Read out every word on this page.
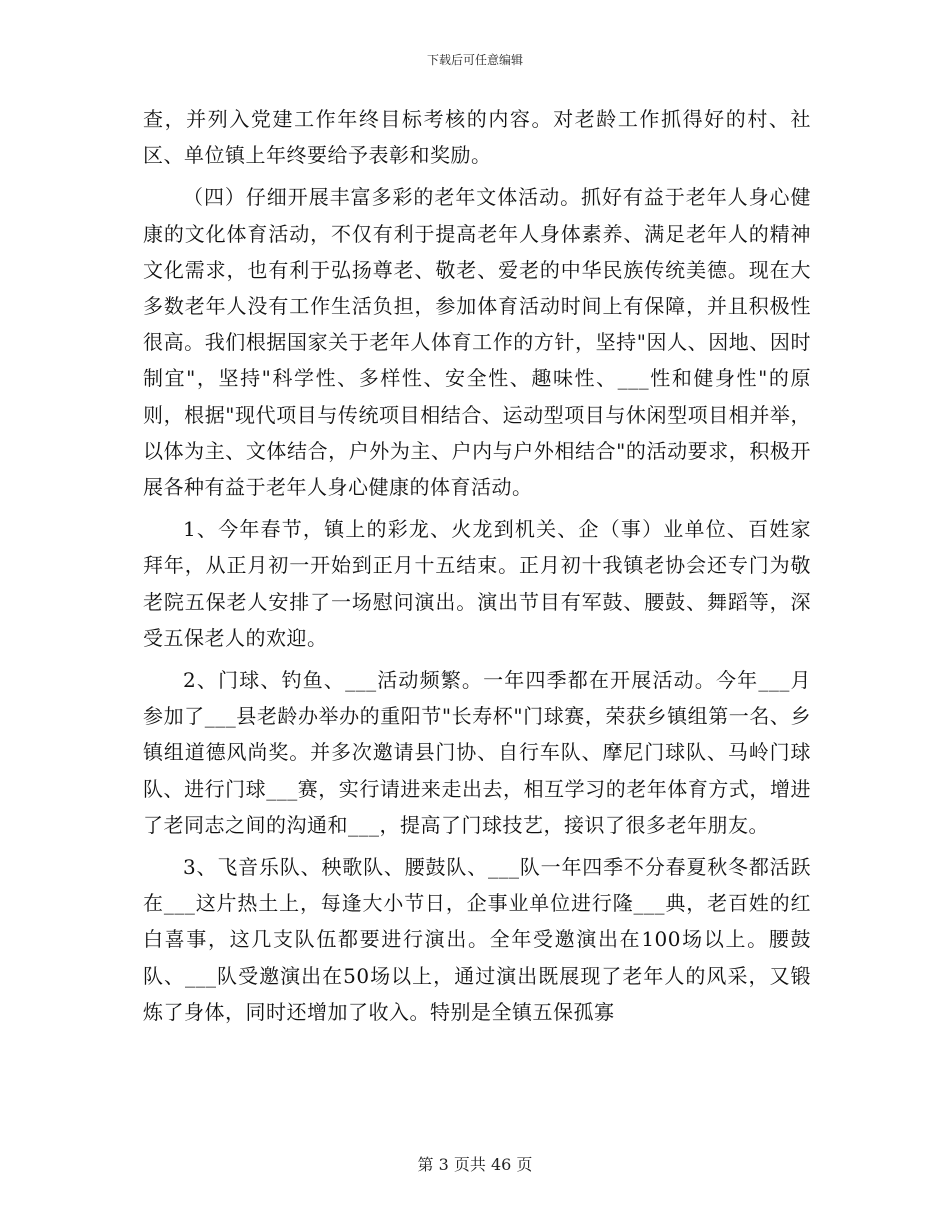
下载后可任意编辑

查，并列入党建工作年终目标考核的内容。对老龄工作抓得好的村、社区、单位镇上年终要给予表彰和奖励。

（四）仔细开展丰富多彩的老年文体活动。抓好有益于老年人身心健康的文化体育活动，不仅有利于提高老年人身体素养、满足老年人的精神文化需求，也有利于弘扬尊老、敬老、爱老的中华民族传统美德。现在大多数老年人没有工作生活负担，参加体育活动时间上有保障，并且积极性很高。我们根据国家关于老年人体育工作的方针，坚持"因人、因地、因时制宜"，坚持"科学性、多样性、安全性、趣味性、___性和健身性"的原则，根据"现代项目与传统项目相结合、运动型项目与休闲型项目相并举，以体为主、文体结合，户外为主、户内与户外相结合"的活动要求，积极开展各种有益于老年人身心健康的体育活动。

1、今年春节，镇上的彩龙、火龙到机关、企（事）业单位、百姓家拜年，从正月初一开始到正月十五结束。正月初十我镇老协会还专门为敬老院五保老人安排了一场慰问演出。演出节目有军鼓、腰鼓、舞蹈等，深受五保老人的欢迎。

2、门球、钓鱼、___活动频繁。一年四季都在开展活动。今年___月参加了___县老龄办举办的重阳节"长寿杯"门球赛，荣获乡镇组第一名、乡镇组道德风尚奖。并多次邀请县门协、自行车队、摩尼门球队、马岭门球队、进行门球___赛，实行请进来走出去，相互学习的老年体育方式，增进了老同志之间的沟通和___，提高了门球技艺，接识了很多老年朋友。

3、飞音乐队、秧歌队、腰鼓队、___队一年四季不分春夏秋冬都活跃在___这片热土上，每逢大小节日，企事业单位进行隆___典，老百姓的红白喜事，这几支队伍都要进行演出。全年受邀演出在100场以上。腰鼓队、___队受邀演出在50场以上，通过演出既展现了老年人的风采，又锻炼了身体，同时还增加了收入。特别是全镇五保孤寡

第 3 页共 46 页
